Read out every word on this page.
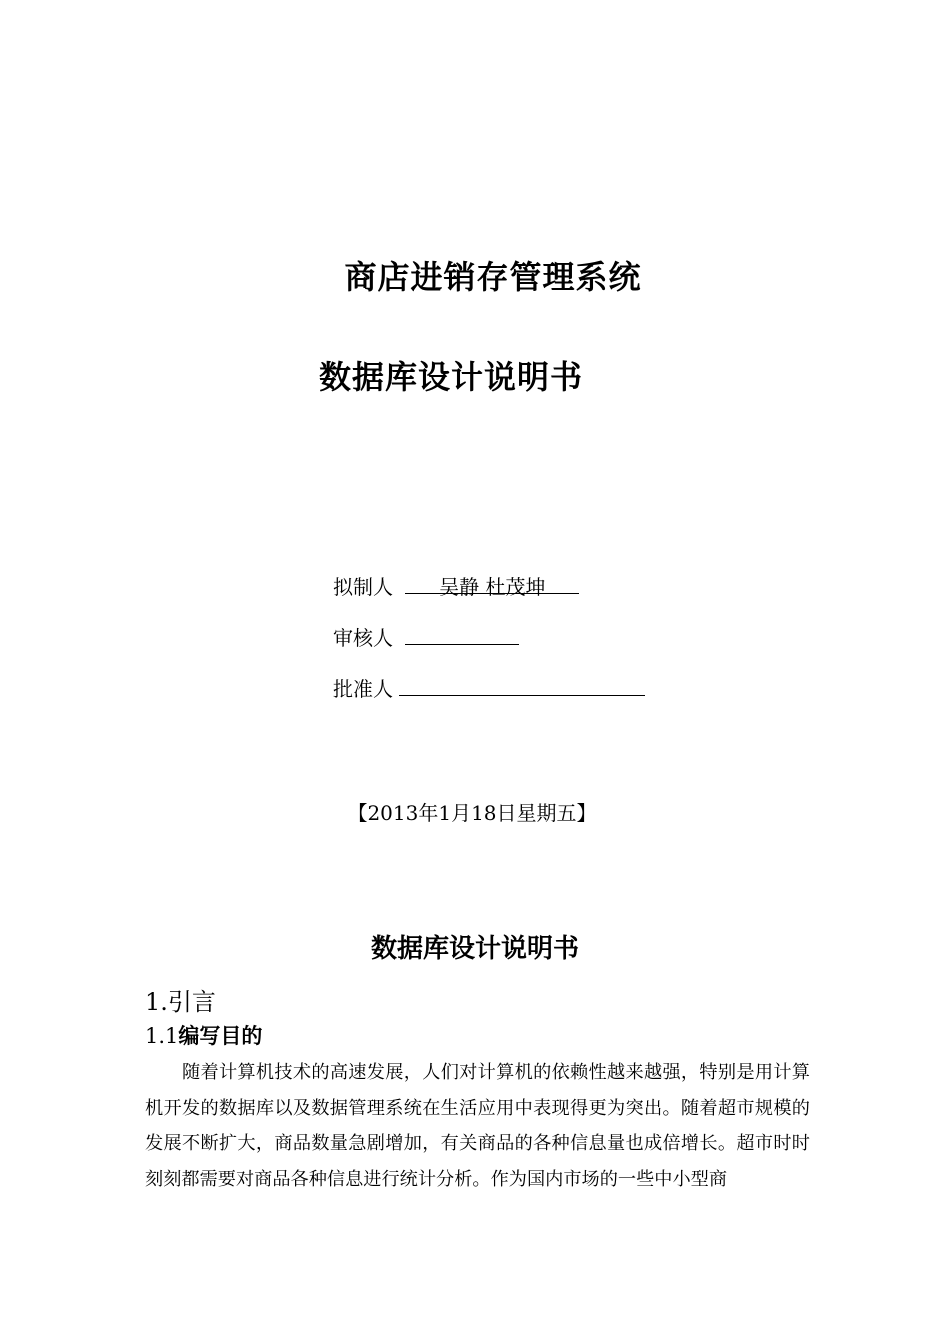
商店进销存管理系统
数据库设计说明书
拟制人 吴静 杜茂坤
审核人
批准人
【2013年1月18日星期五】
数据库设计说明书
1.引言
1.1编写目的
随着计算机技术的高速发展，人们对计算机的依赖性越来越强，特别是用计算机开发的数据库以及数据管理系统在生活应用中表现得更为突出。随着超市规模的发展不断扩大，商品数量急剧增加，有关商品的各种信息量也成倍增长。超市时时刻刻都需要对商品各种信息进行统计分析。作为国内市场的一些中小型商
